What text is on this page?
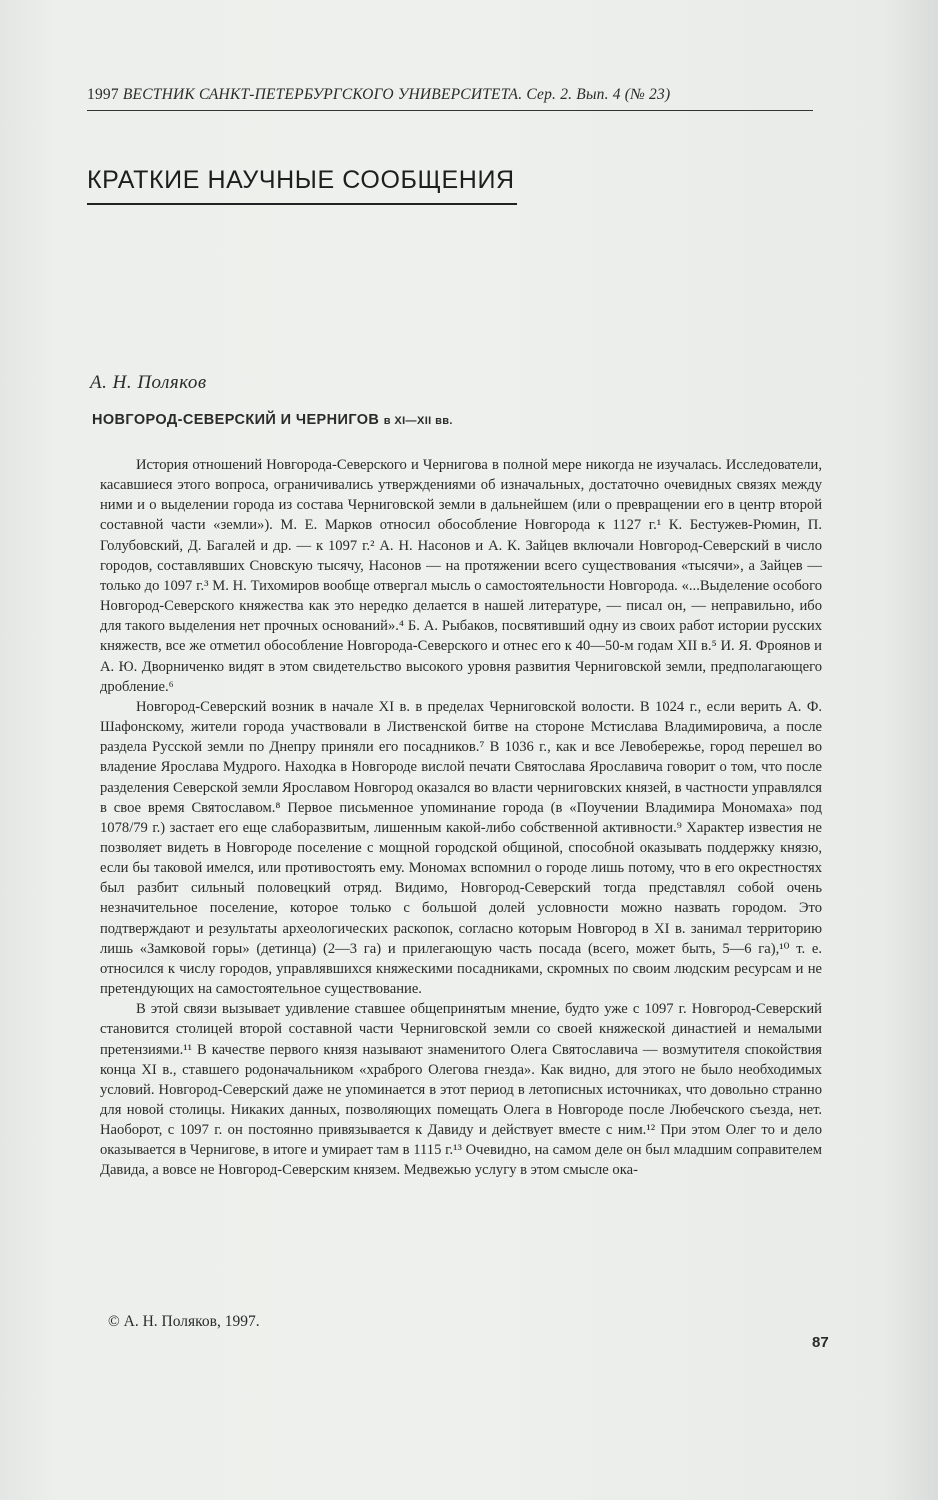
1997 ВЕСТНИК САНКТ-ПЕТЕРБУРГСКОГО УНИВЕРСИТЕТА. Сер. 2. Вып. 4 (№ 23)
КРАТКИЕ НАУЧНЫЕ СООБЩЕНИЯ
А. Н. Поляков
НОВГОРОД-СЕВЕРСКИЙ И ЧЕРНИГОВ в XI—XII вв.

История отношений Новгорода-Северского и Чернигова в полной мере никогда не изучалась. Исследователи, касавшиеся этого вопроса, ограничивались утверждениями об изначальных, достаточно очевидных связях между ними и о выделении города из состава Черниговской земли в дальнейшем (или о превращении его в центр второй составной части «земли»). М. Е. Марков относил обособление Новгорода к 1127 г.¹ К. Бестужев-Рюмин, П. Голубовский, Д. Багалей и др. — к 1097 г.² А. Н. Насонов и А. К. Зайцев включали Новгород-Северский в число городов, составлявших Сновскую тысячу, Насонов — на протяжении всего существования «тысячи», а Зайцев — только до 1097 г.³ М. Н. Тихомиров вообще отвергал мысль о самостоятельности Новгорода. «...Выделение особого Новгород-Северского княжества как это нередко делается в нашей литературе, — писал он, — неправильно, ибо для такого выделения нет прочных оснований».⁴ Б. А. Рыбаков, посвятивший одну из своих работ истории русских княжеств, все же отметил обособление Новгорода-Северского и отнес его к 40—50-м годам XII в.⁵ И. Я. Фроянов и А. Ю. Дворниченко видят в этом свидетельство высокого уровня развития Черниговской земли, предполагающего дробление.⁶

Новгород-Северский возник в начале XI в. в пределах Черниговской волости. В 1024 г., если верить А. Ф. Шафонскому, жители города участвовали в Лиственской битве на стороне Мстислава Владимировича, а после раздела Русской земли по Днепру приняли его посадников.⁷ В 1036 г., как и все Левобережье, город перешел во владение Ярослава Мудрого. Находка в Новгороде вислой печати Святослава Ярославича говорит о том, что после разделения Северской земли Ярославом Новгород оказался во власти черниговских князей, в частности управлялся в свое время Святославом.⁸ Первое письменное упоминание города (в «Поучении Владимира Мономаха» под 1078/79 г.) застает его еще слаборазвитым, лишенным какой-либо собственной активности.⁹ Характер известия не позволяет видеть в Новгороде поселение с мощной городской общиной, способной оказывать поддержку князю, если бы таковой имелся, или противостоять ему. Мономах вспомнил о городе лишь потому, что в его окрестностях был разбит сильный половецкий отряд. Видимо, Новгород-Северский тогда представлял собой очень незначительное поселение, которое только с большой долей условности можно назвать городом. Это подтверждают и результаты археологических раскопок, согласно которым Новгород в XI в. занимал территорию лишь «Замковой горы» (детинца) (2—3 га) и прилегающую часть посада (всего, может быть, 5—6 га),¹⁰ т. е. относился к числу городов, управлявшихся княжескими посадниками, скромных по своим людским ресурсам и не претендующих на самостоятельное существование.

В этой связи вызывает удивление ставшее общепринятым мнение, будто уже с 1097 г. Новгород-Северский становится столицей второй составной части Черниговской земли со своей княжеской династией и немалыми претензиями.¹¹ В качестве первого князя называют знаменитого Олега Святославича — возмутителя спокойствия конца XI в., ставшего родоначальником «храброго Олегова гнезда». Как видно, для этого не было необходимых условий. Новгород-Северский даже не упоминается в этот период в летописных источниках, что довольно странно для новой столицы. Никаких данных, позволяющих помещать Олега в Новгороде после Любечского съезда, нет. Наоборот, с 1097 г. он постоянно привязывается к Давиду и действует вместе с ним.¹² При этом Олег то и дело оказывается в Чернигове, в итоге и умирает там в 1115 г.¹³ Очевидно, на самом деле он был младшим соправителем Давида, а вовсе не Новгород-Северским князем. Медвежью услугу в этом смысле ока-

© А. Н. Поляков, 1997.
87
